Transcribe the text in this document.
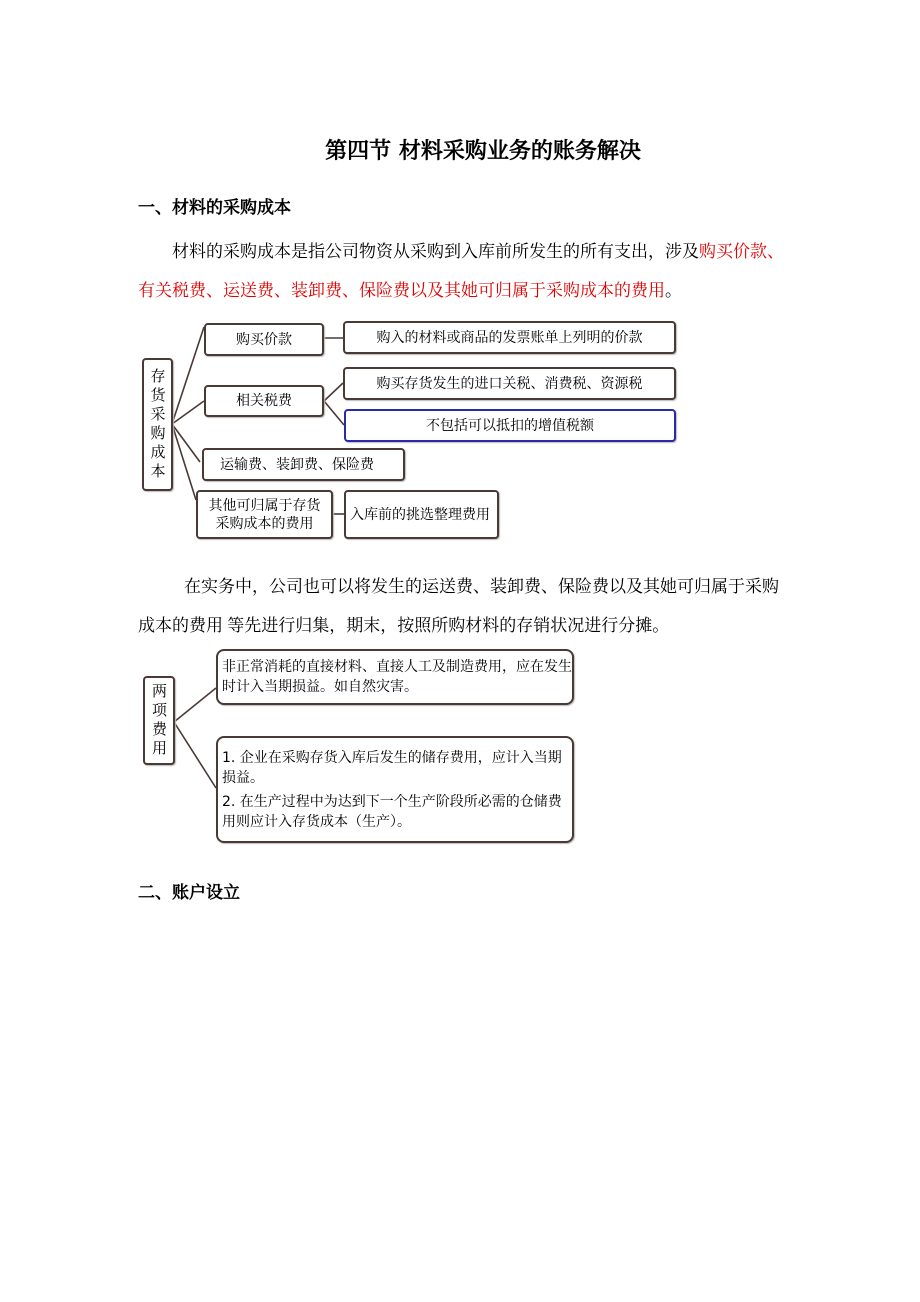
第四节 材料采购业务的账务解决
一、材料的采购成本

材料的采购成本是指公司物资从采购到入库前所发生的所有支出，涉及购买价款、有关税费、运送费、装卸费、保险费以及其她可归属于采购成本的费用。

存货采购成本
购买价款	购入的材料或商品的发票账单上列明的价款
相关税费
购买存货发生的进口关税、消费税、资源税
不包括可以抵扣的增值税额
运输费、装卸费、保险费
其他可归属于存货采购成本的费用
入库前的挑选整理费用

在实务中，公司也可以将发生的运送费、装卸费、保险费以及其她可归属于采购成本的费用 等先进行归集，期末，按照所购材料的存销状况进行分摊。

两项费用
非正常消耗的直接材料、直接人工及制造费用，应在发生时计入当期损益。如自然灾害。
1. 企业在采购存货入库后发生的储存费用，应计入当期损益。
2. 在生产过程中为达到下一个生产阶段所必需的仓储费用则应计入存货成本（生产）。
二、账户设立
